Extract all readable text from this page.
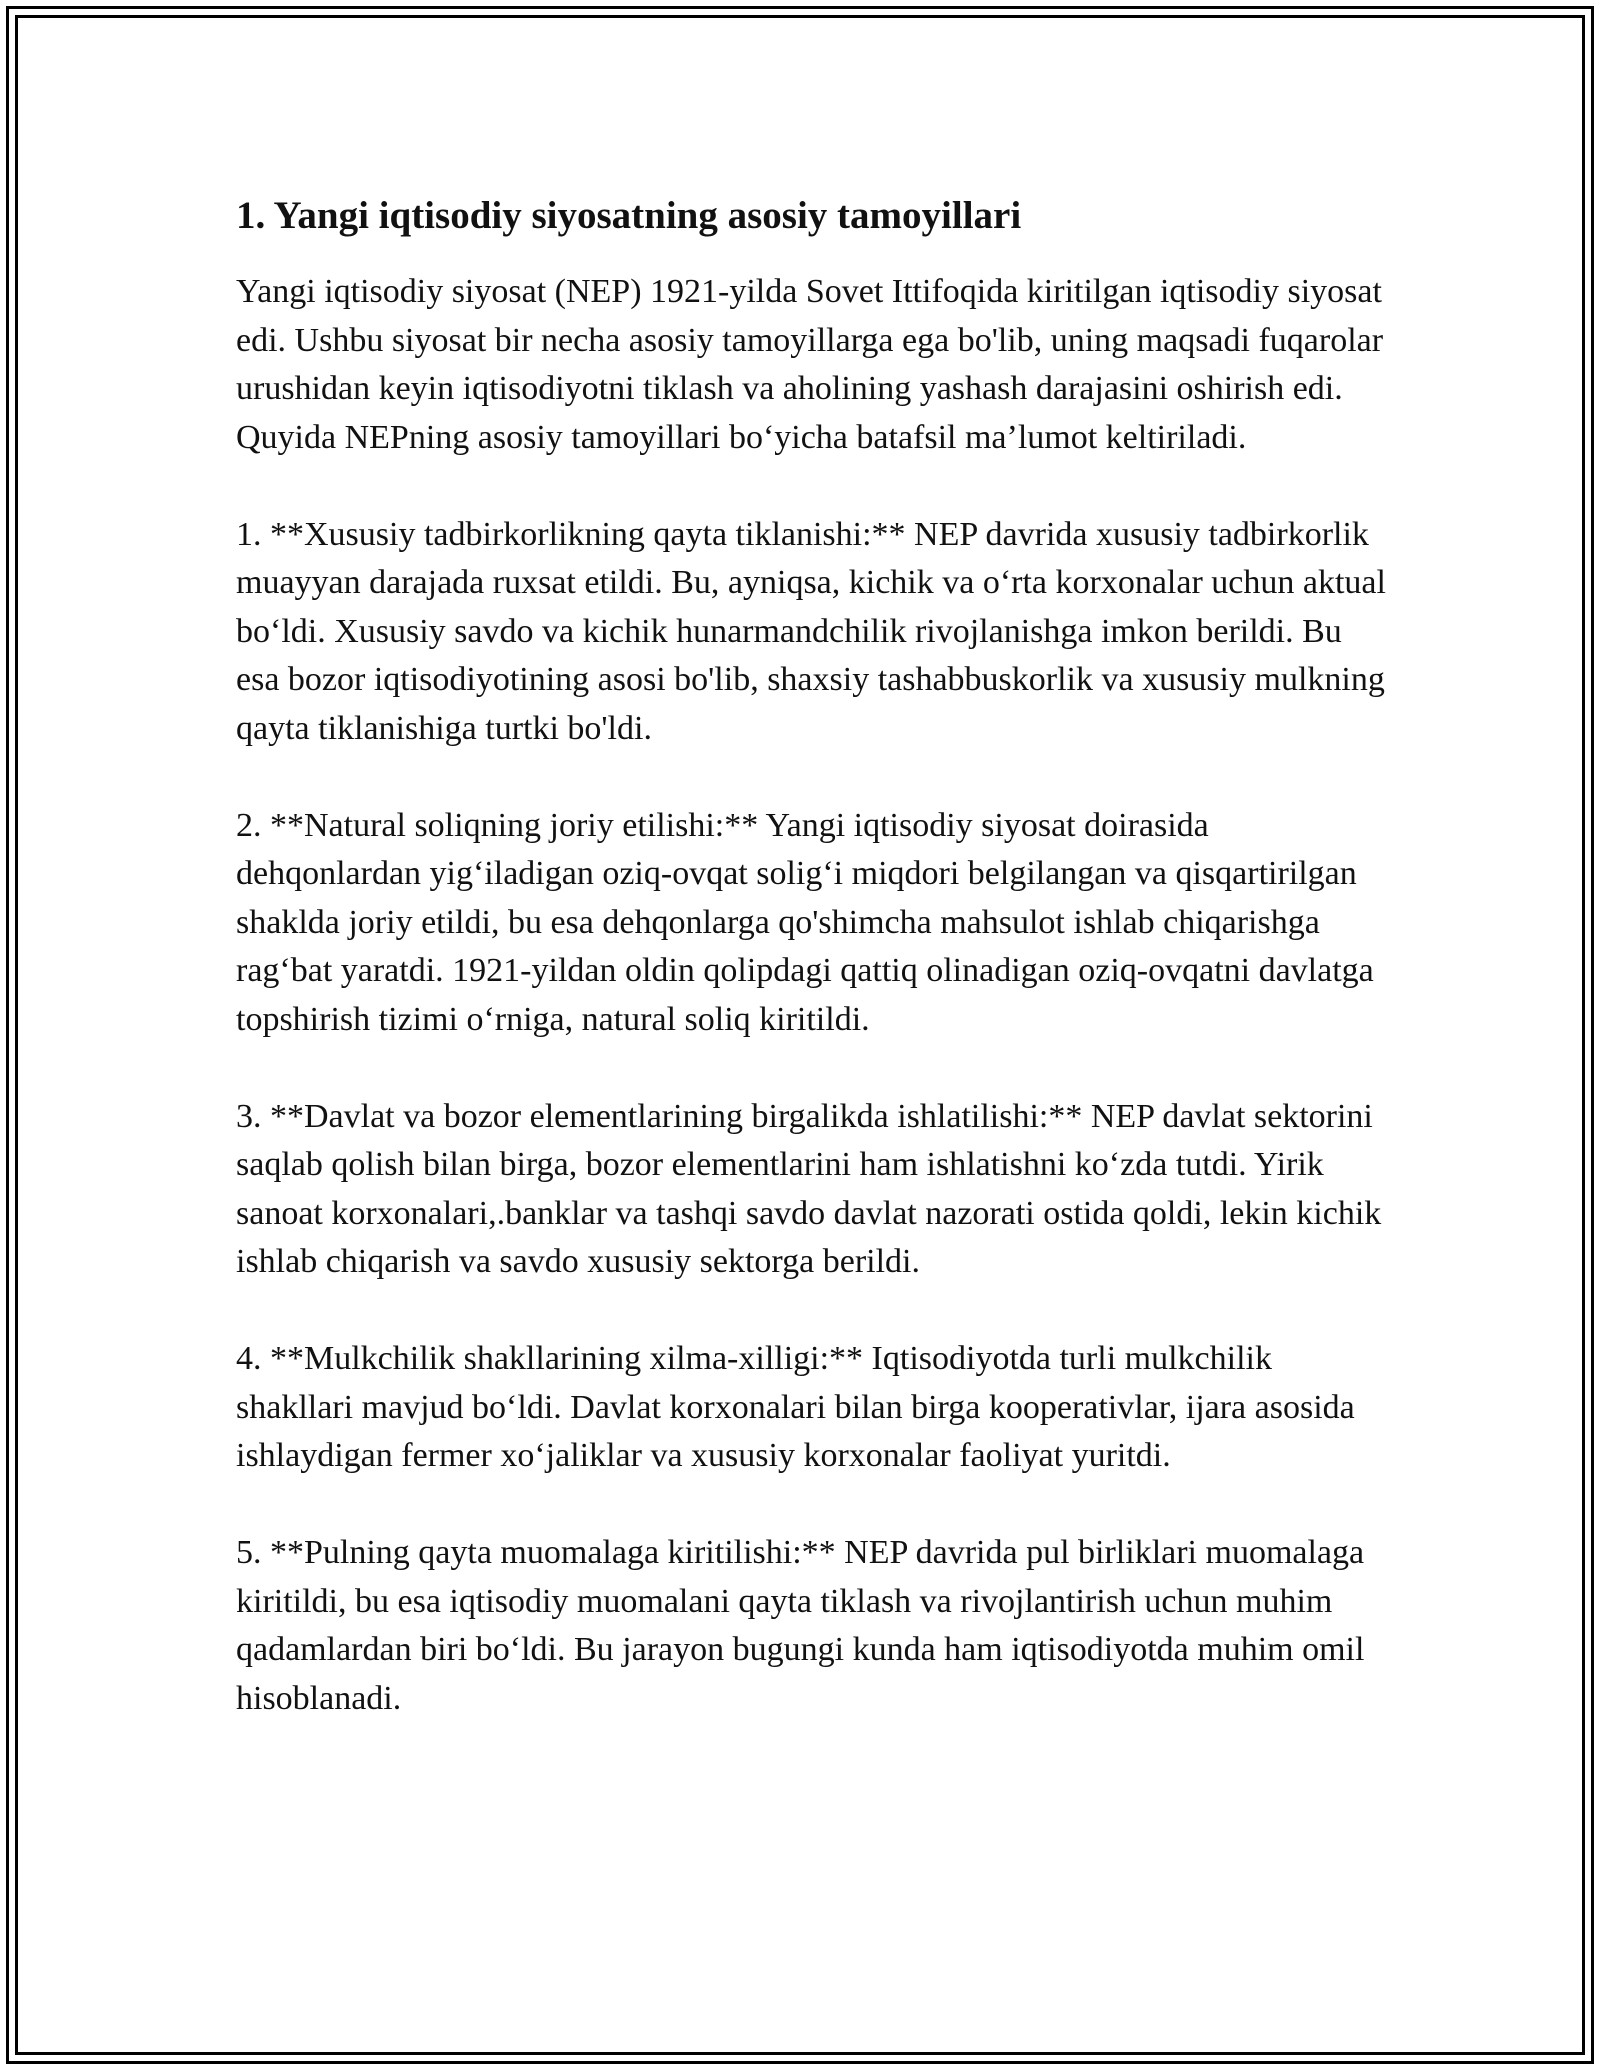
1. Yangi iqtisodiy siyosatning asosiy tamoyillari

Yangi iqtisodiy siyosat (NEP) 1921-yilda Sovet Ittifoqida kiritilgan iqtisodiy siyosat edi. Ushbu siyosat bir necha asosiy tamoyillarga ega bo'lib, uning maqsadi fuqarolar urushidan keyin iqtisodiyotni tiklash va aholining yashash darajasini oshirish edi. Quyida NEPning asosiy tamoyillari bo‘yicha batafsil ma’lumot keltiriladi.

1. **Xususiy tadbirkorlikning qayta tiklanishi:** NEP davrida xususiy tadbirkorlik muayyan darajada ruxsat etildi. Bu, ayniqsa, kichik va o‘rta korxonalar uchun aktual bo‘ldi. Xususiy savdo va kichik hunarmandchilik rivojlanishga imkon berildi. Bu esa bozor iqtisodiyotining asosi bo'lib, shaxsiy tashabbuskorlik va xususiy mulkning qayta tiklanishiga turtki bo'ldi.

2. **Natural soliqning joriy etilishi:** Yangi iqtisodiy siyosat doirasida dehqonlardan yig‘iladigan oziq-ovqat solig‘i miqdori belgilangan va qisqartirilgan shaklda joriy etildi, bu esa dehqonlarga qo'shimcha mahsulot ishlab chiqarishga rag‘bat yaratdi. 1921-yildan oldin qolipdagi qattiq olinadigan oziq-ovqatni davlatga topshirish tizimi o‘rniga, natural soliq kiritildi.

3. **Davlat va bozor elementlarining birgalikda ishlatilishi:** NEP davlat sektorini saqlab qolish bilan birga, bozor elementlarini ham ishlatishni ko‘zda tutdi. Yirik sanoat korxonalari,.banklar va tashqi savdo davlat nazorati ostida qoldi, lekin kichik ishlab chiqarish va savdo xususiy sektorga berildi.

4. **Mulkchilik shakllarining xilma-xilligi:** Iqtisodiyotda turli mulkchilik shakllari mavjud bo‘ldi. Davlat korxonalari bilan birga kooperativlar, ijara asosida ishlaydigan fermer xo‘jaliklar va xususiy korxonalar faoliyat yuritdi.

5. **Pulning qayta muomalaga kiritilishi:** NEP davrida pul birliklari muomalaga kiritildi, bu esa iqtisodiy muomalani qayta tiklash va rivojlantirish uchun muhim qadamlardan biri bo‘ldi. Bu jarayon bugungi kunda ham iqtisodiyotda muhim omil hisoblanadi.
